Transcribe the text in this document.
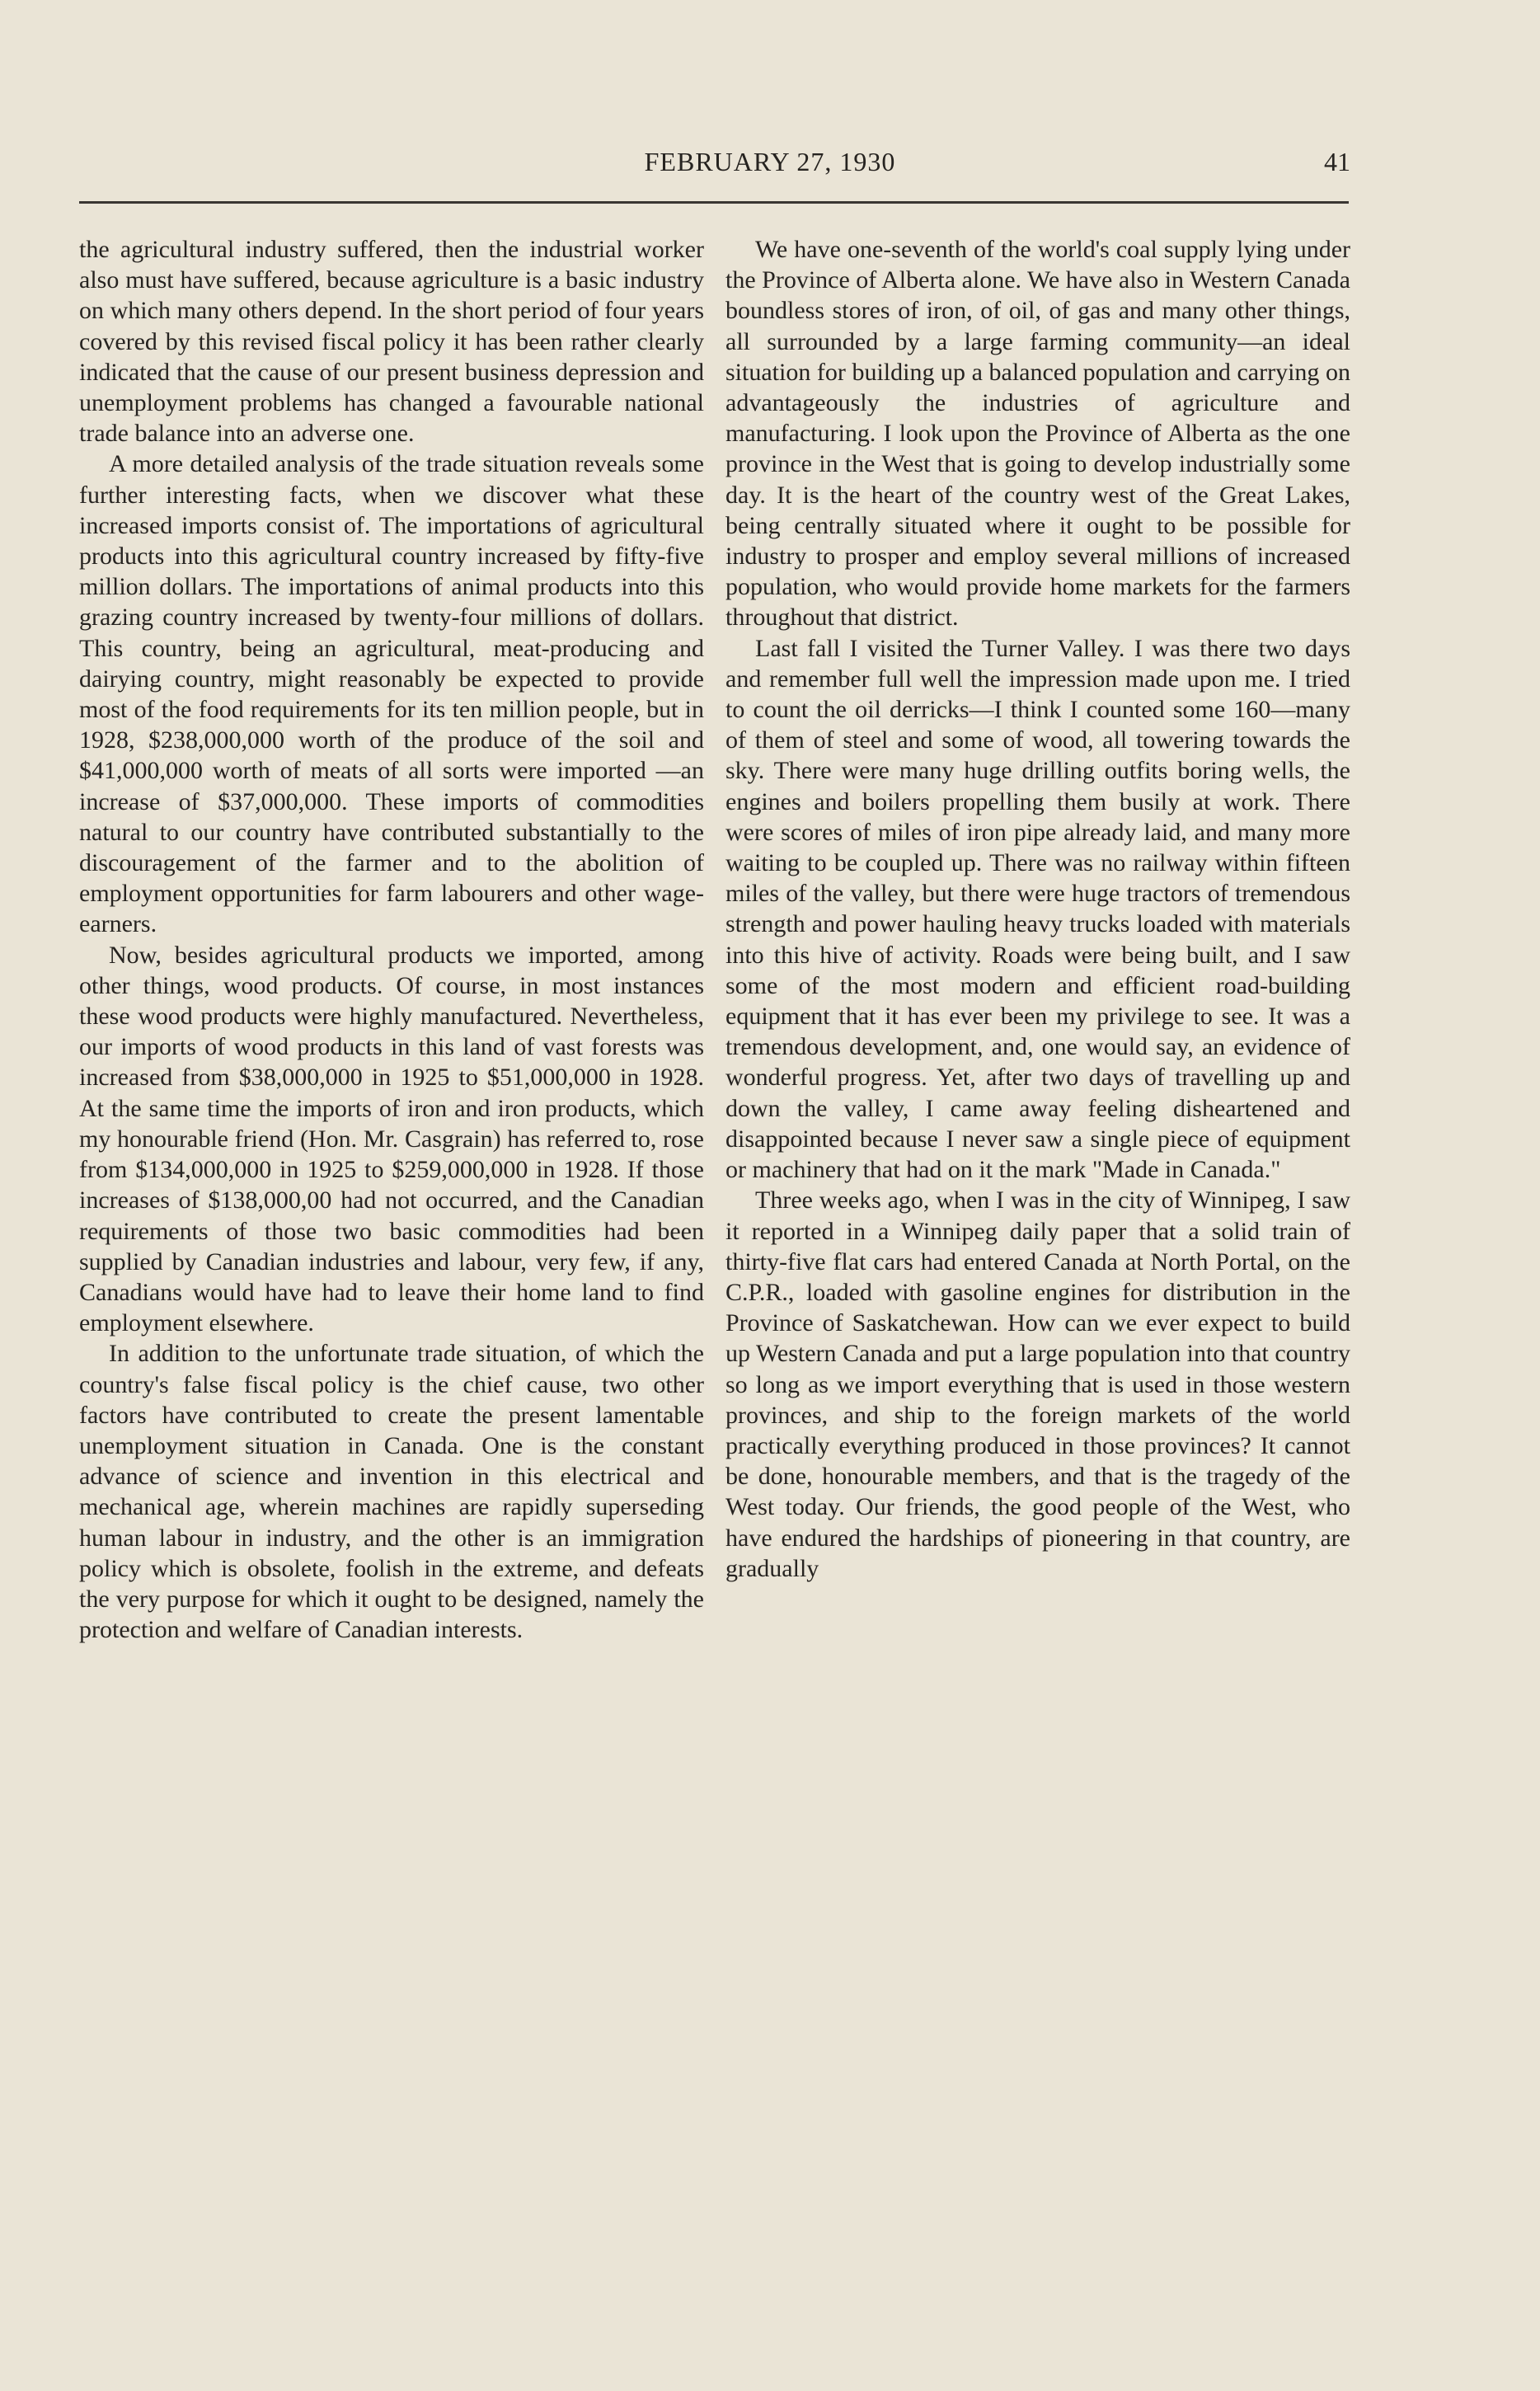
FEBRUARY 27, 1930	41

the agricultural industry suffered, then the industrial worker also must have suffered, because agriculture is a basic industry on which many others depend. In the short period of four years covered by this revised fiscal policy it has been rather clearly indicated that the cause of our present business depression and unemployment problems has changed a favourable national trade balance into an adverse one.

A more detailed analysis of the trade situation reveals some further interesting facts, when we discover what these increased imports consist of. The importations of agricultural products into this agricultural country increased by fifty-five million dollars. The importations of animal products into this grazing country increased by twenty-four millions of dollars. This country, being an agricultural, meat-producing and dairying country, might reasonably be expected to provide most of the food requirements for its ten million people, but in 1928, $238,000,000 worth of the produce of the soil and $41,000,000 worth of meats of all sorts were imported —an increase of $37,000,000. These imports of commodities natural to our country have contributed substantially to the discouragement of the farmer and to the abolition of employment opportunities for farm labourers and other wage-earners.

Now, besides agricultural products we imported, among other things, wood products. Of course, in most instances these wood products were highly manufactured. Nevertheless, our imports of wood products in this land of vast forests was increased from $38,000,000 in 1925 to $51,000,000 in 1928. At the same time the imports of iron and iron products, which my honourable friend (Hon. Mr. Casgrain) has referred to, rose from $134,000,000 in 1925 to $259,000,000 in 1928. If those increases of $138,000,00 had not occurred, and the Canadian requirements of those two basic commodities had been supplied by Canadian industries and labour, very few, if any, Canadians would have had to leave their home land to find employment elsewhere.

In addition to the unfortunate trade situation, of which the country's false fiscal policy is the chief cause, two other factors have contributed to create the present lamentable unemployment situation in Canada. One is the constant advance of science and invention in this electrical and mechanical age, wherein machines are rapidly superseding human labour in industry, and the other is an immigration policy which is obsolete, foolish in the extreme, and defeats the very purpose for which it ought to be designed, namely the protection and welfare of Canadian interests.

We have one-seventh of the world's coal supply lying under the Province of Alberta alone. We have also in Western Canada boundless stores of iron, of oil, of gas and many other things, all surrounded by a large farming community—an ideal situation for building up a balanced population and carrying on advantageously the industries of agriculture and manufacturing. I look upon the Province of Alberta as the one province in the West that is going to develop industrially some day. It is the heart of the country west of the Great Lakes, being centrally situated where it ought to be possible for industry to prosper and employ several millions of increased population, who would provide home markets for the farmers throughout that district.

Last fall I visited the Turner Valley. I was there two days and remember full well the impression made upon me. I tried to count the oil derricks—I think I counted some 160—many of them of steel and some of wood, all towering towards the sky. There were many huge drilling outfits boring wells, the engines and boilers propelling them busily at work. There were scores of miles of iron pipe already laid, and many more waiting to be coupled up. There was no railway within fifteen miles of the valley, but there were huge tractors of tremendous strength and power hauling heavy trucks loaded with materials into this hive of activity. Roads were being built, and I saw some of the most modern and efficient road-building equipment that it has ever been my privilege to see. It was a tremendous development, and, one would say, an evidence of wonderful progress. Yet, after two days of travelling up and down the valley, I came away feeling disheartened and disappointed because I never saw a single piece of equipment or machinery that had on it the mark "Made in Canada."

Three weeks ago, when I was in the city of Winnipeg, I saw it reported in a Winnipeg daily paper that a solid train of thirty-five flat cars had entered Canada at North Portal, on the C.P.R., loaded with gasoline engines for distribution in the Province of Saskatchewan. How can we ever expect to build up Western Canada and put a large population into that country so long as we import everything that is used in those western provinces, and ship to the foreign markets of the world practically everything produced in those provinces? It cannot be done, honourable members, and that is the tragedy of the West today. Our friends, the good people of the West, who have endured the hardships of pioneering in that country, are gradually
